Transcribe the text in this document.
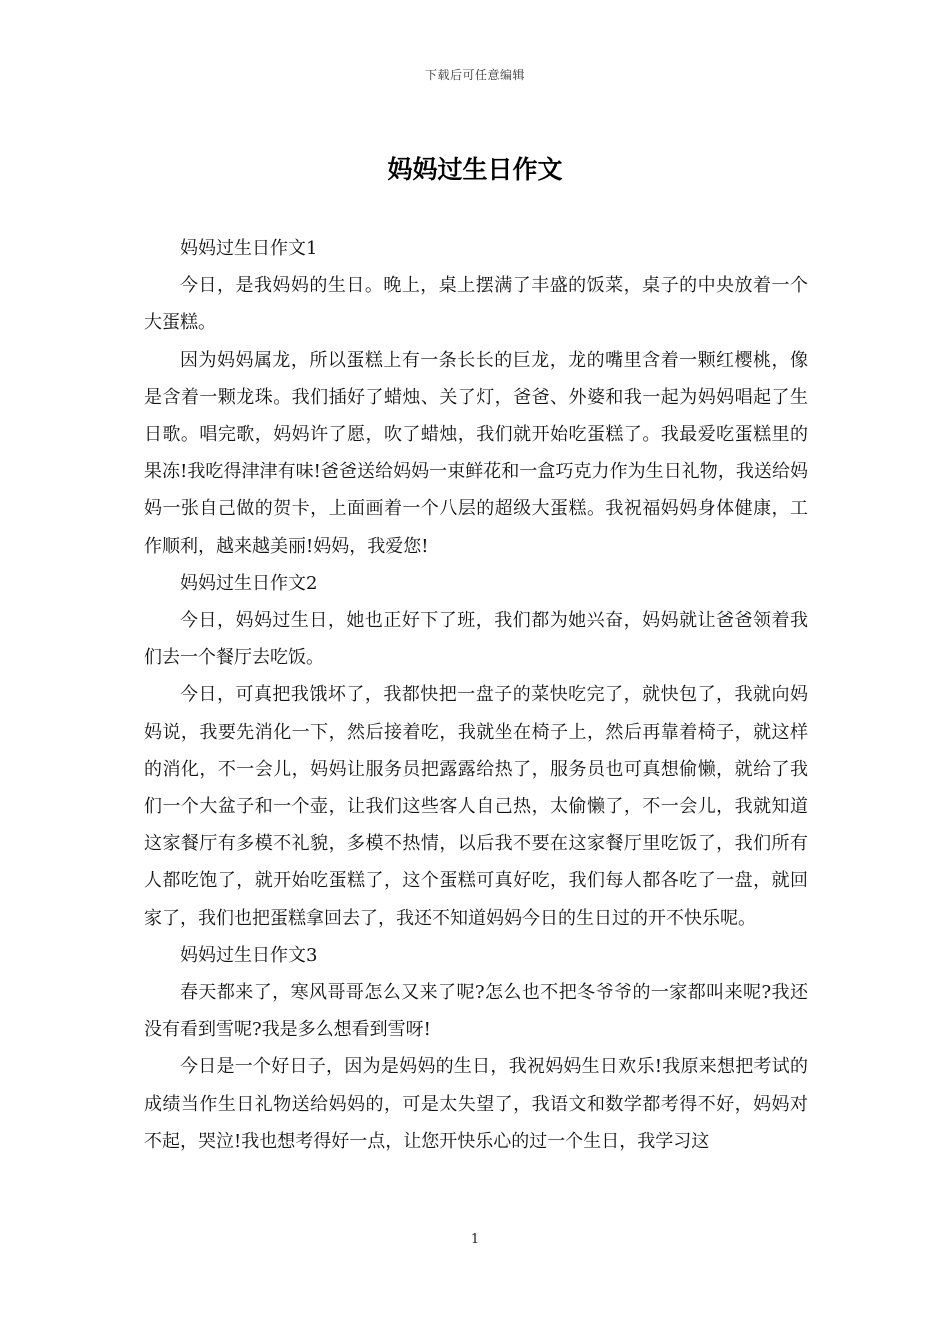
下载后可任意编辑
妈妈过生日作文

妈妈过生日作文1

今日，是我妈妈的生日。晚上，桌上摆满了丰盛的饭菜，桌子的中央放着一个大蛋糕。

因为妈妈属龙，所以蛋糕上有一条长长的巨龙，龙的嘴里含着一颗红樱桃，像是含着一颗龙珠。我们插好了蜡烛、关了灯，爸爸、外婆和我一起为妈妈唱起了生日歌。唱完歌，妈妈许了愿，吹了蜡烛，我们就开始吃蛋糕了。我最爱吃蛋糕里的果冻!我吃得津津有味!爸爸送给妈妈一束鲜花和一盒巧克力作为生日礼物，我送给妈妈一张自己做的贺卡，上面画着一个八层的超级大蛋糕。我祝福妈妈身体健康，工作顺利，越来越美丽!妈妈，我爱您!

妈妈过生日作文2

今日，妈妈过生日，她也正好下了班，我们都为她兴奋，妈妈就让爸爸领着我们去一个餐厅去吃饭。

今日，可真把我饿坏了，我都快把一盘子的菜快吃完了，就快包了，我就向妈妈说，我要先消化一下，然后接着吃，我就坐在椅子上，然后再靠着椅子，就这样的消化，不一会儿，妈妈让服务员把露露给热了，服务员也可真想偷懒，就给了我们一个大盆子和一个壶，让我们这些客人自己热，太偷懒了，不一会儿，我就知道这家餐厅有多模不礼貌，多模不热情，以后我不要在这家餐厅里吃饭了，我们所有人都吃饱了，就开始吃蛋糕了，这个蛋糕可真好吃，我们每人都各吃了一盘，就回家了，我们也把蛋糕拿回去了，我还不知道妈妈今日的生日过的开不快乐呢。

妈妈过生日作文3

春天都来了，寒风哥哥怎么又来了呢?怎么也不把冬爷爷的一家都叫来呢?我还没有看到雪呢?我是多么想看到雪呀!

今日是一个好日子，因为是妈妈的生日，我祝妈妈生日欢乐!我原来想把考试的成绩当作生日礼物送给妈妈的，可是太失望了，我语文和数学都考得不好，妈妈对不起，哭泣!我也想考得好一点，让您开快乐心的过一个生日，我学习这

1
